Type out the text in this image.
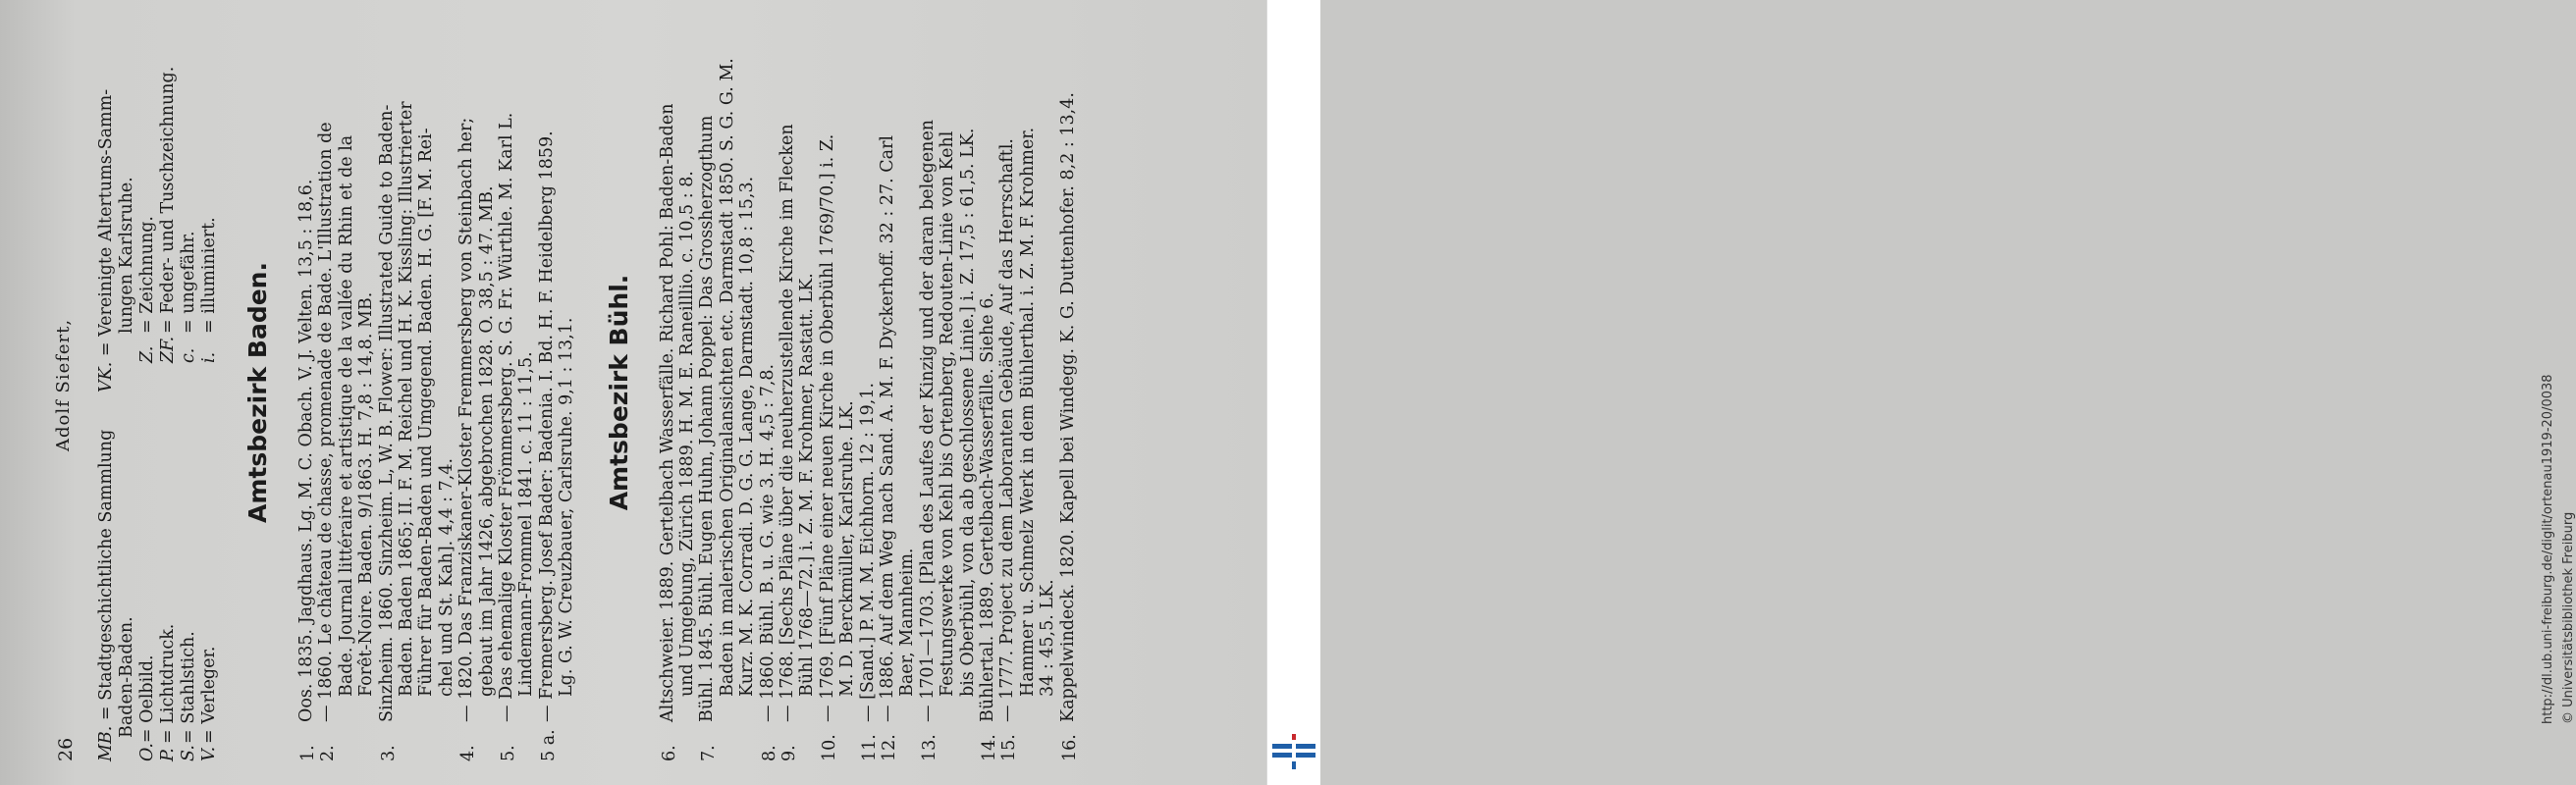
26
Adolf Siefert,
MB. = Stadtgeschichtliche Sammlung Baden-Baden.
VK. = Vereinigte Altertums-Samm- lungen Karlsruhe.
O.= Oelbild.
P.= Lichtdruck.
S.= Stahlstich.
V.= Verleger.
Z.= Zeichnung.
ZF.= Feder- und Tuschzeichnung.
c.= ungefähr.
i.= illuminiert. Amtsbezirk Baden.
1.
Oos. 1835. Jagdhaus. Lg. M. C. Obach. V. J. Velten. 13,5 : 18,6.
2.
— 1860. Le château de chasse, promenade de Bade. L'Illustration de Bade. Journal littéraire et artistique de la vallée du Rhin et de la Forêt-Noire. Baden. 9/1863. H. 7,8 : 14,8. MB.
3.
Sinzheim. 1860. Sinzheim. L, W. B. Flower: Illustrated Guide to Baden- Baden. Baden 1865; II. F. M. Reichel und H. K. Kissling: Illustrierter Führer für Baden-Baden und Umgegend. Baden. H. G. [F. M. Rei- chel und St. Kah]. 4,4 : 7,4.
4.
— 1820. Das Franziskaner-Kloster Fremmersberg von Steinbach her; gebaut im Jahr 1426, abgebrochen 1828. O. 38,5 : 47. MB.
5.
— Das ehemalige Kloster Frömmersberg. S. G. Fr. Würthle. M. Karl L. Lindemann-Frommel 1841. c. 11 : 11,5.
5 a.
— Fremersberg. Josef Bader: Badenia. I. Bd. H. F. Heidelberg 1859. Lg. G. W. Creuzbauer, Carlsruhe. 9,1 : 13,1. Amtsbezirk Bühl.
6.
Altschweier. 1889. Gertelbach Wasserfälle. Richard Pohl: Baden-Baden und Umgebung, Zürich 1889. H. M. E. Raneilllio. c. 10,5 : 8.
7.
Bühl. 1845. Bühl. Eugen Huhn, Johann Poppel: Das Grossherzogthum Baden in malerischen Originalansichten etc. Darmstadt 1850. S. G. G. M. Kurz. M. K. Corradi. D. G. G. Lange, Darmstadt. 10,8 : 15,3.
8.
— 1860. Bühl. B. u. G. wie 3. H. 4,5 : 7,8.
9.
— 1768. [Sechs Pläne über die neuherzustellende Kirche im Flecken Bühl 1768—72.] i. Z. M. F. Krohmer, Rastatt. LK.
10.
— 1769. [Fünf Pläne einer neuen Kirche in Oberbühl 1769/70.] i. Z. M. D. Berckmüller, Karlsruhe. LK.
11.
— [Sand.] P. M. M. Eichhorn. 12 : 19,1.
12.
— 1886. Auf dem Weg nach Sand. A. M. F. Dyckerhoff. 32 : 27. Carl Baer, Mannheim.
13.
— 1701—1703. [Plan des Laufes der Kinzig und der daran belegenen Festungswerke von Kehl bis Ortenberg, Redouten-Linie von Kehl bis Oberbühl, von da ab geschlossene Linie.] i. Z. 17,5 : 61,5. LK.
14.
Bühlertal. 1889. Gertelbach-Wasserfälle. Siehe 6.
15.
— 1777. Project zu dem Laboranten Gebäude, Auf das Herrschaftl. Hammer u. Schmelz Werk in dem Bühlerthal. i. Z. M. F. Krohmer. 34 : 45,5. LK.
16.
Kappelwindeck. 1820. Kapell bei Windegg. K. G. Duttenhofer. 8,2 : 13,4.	http://dl.ub.uni-freiburg.de/diglit/ortenau1919-20/0038 © Universitätsbibliothek Freiburg
